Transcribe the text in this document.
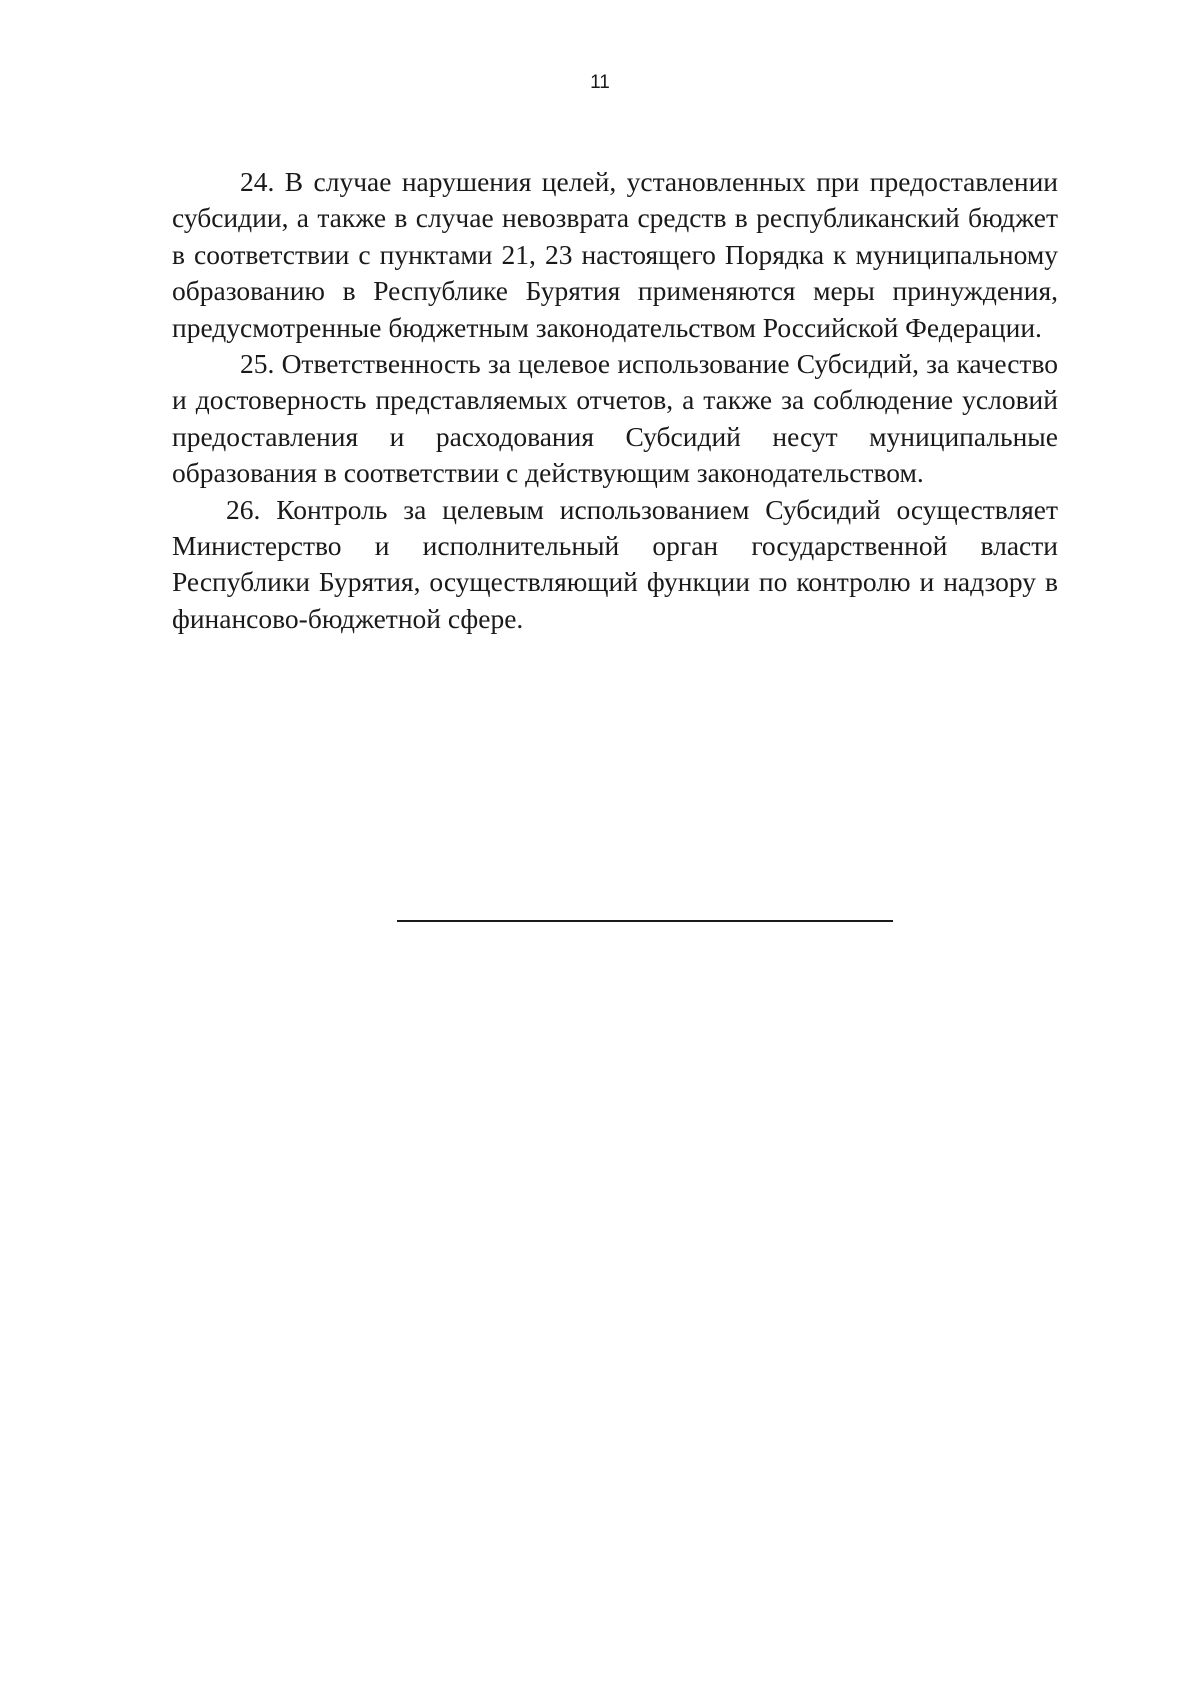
11

24. В случае нарушения целей, установленных при предоставлении субсидии, а также в случае невозврата средств в республиканский бюджет в соответствии с пунктами 21, 23 настоящего Порядка к муниципальному образованию в Республике Бурятия применяются меры принуждения, предусмотренные бюджетным законодательством Российской Федерации.

25. Ответственность за целевое использование Субсидий, за качество и достоверность представляемых отчетов, а также за соблюдение условий предоставления и расходования Субсидий несут муниципальные образования в соответствии с действующим законодательством.

26. Контроль за целевым использованием Субсидий осуществляет Министерство и исполнительный орган государственной власти Республики Бурятия, осуществляющий функции по контролю и надзору в финансово-бюджетной сфере.
